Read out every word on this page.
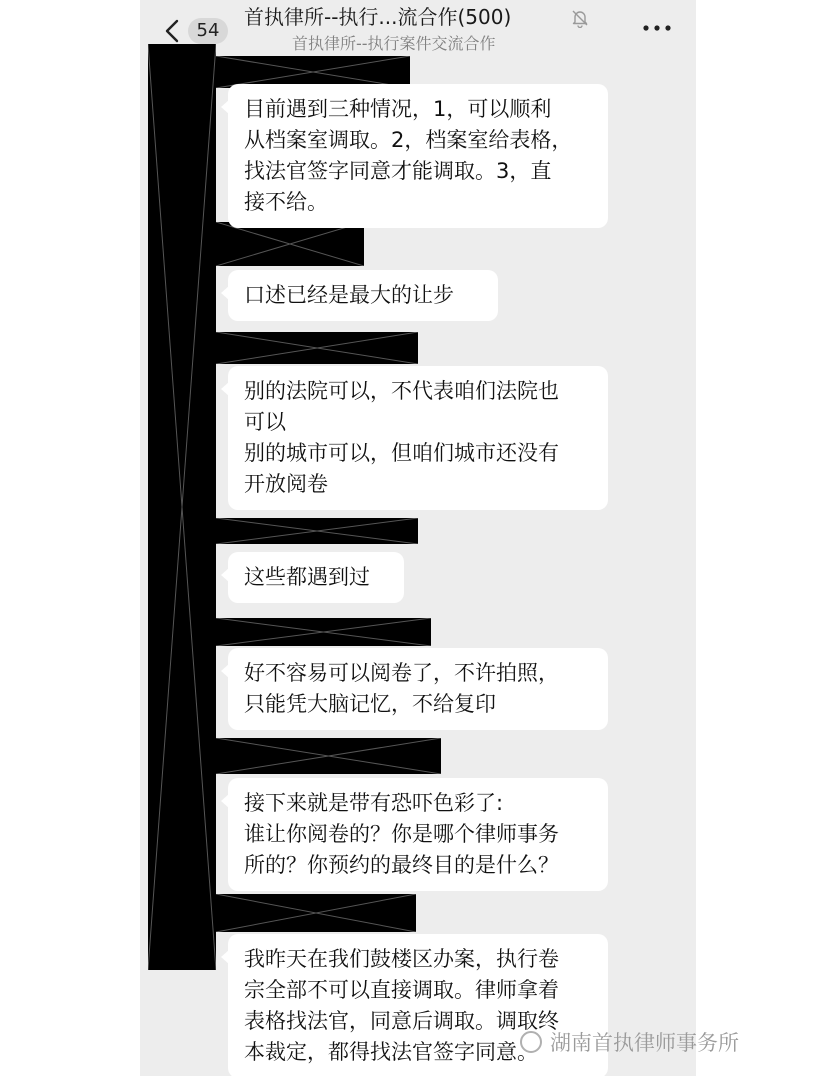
54
首执律所--执行...流合作(500)
首执律所--执行案件交流合作
目前遇到三种情况，1，可以顺利
从档案室调取。2，档案室给表格，
找法官签字同意才能调取。3，直
接不给。
口述已经是最大的让步
别的法院可以，不代表咱们法院也
可以
别的城市可以，但咱们城市还没有
开放阅卷
这些都遇到过
好不容易可以阅卷了，不许拍照，
只能凭大脑记忆，不给复印
接下来就是带有恐吓色彩了:
谁让你阅卷的？你是哪个律师事务
所的？你预约的最终目的是什么？
我昨天在我们鼓楼区办案，执行卷
宗全部不可以直接调取。律师拿着
表格找法官，同意后调取。调取终
本裁定，都得找法官签字同意。 湖南首执律师事务所
